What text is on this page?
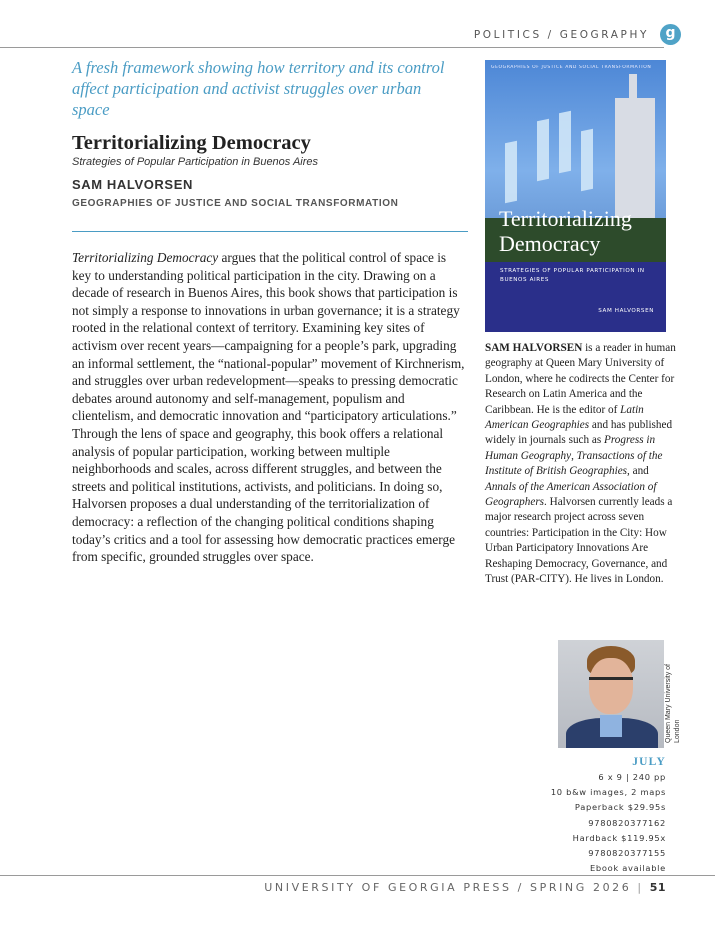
POLITICS / GEOGRAPHY	g
A fresh framework showing how territory and its control affect participation and activist struggles over urban space
Territorializing Democracy
Strategies of Popular Participation in Buenos Aires
SAM HALVORSEN
GEOGRAPHIES OF JUSTICE AND SOCIAL TRANSFORMATION
Territorializing Democracy argues that the political control of space is key to understanding political participation in the city. Drawing on a decade of research in Buenos Aires, this book shows that participation is not simply a response to innovations in urban governance; it is a strategy rooted in the relational context of territory. Examining key sites of activism over recent years—campaigning for a people’s park, upgrading an informal settlement, the “national-popular” movement of Kirchnerism, and struggles over urban redevelopment—speaks to pressing democratic debates around autonomy and self-management, populism and clientelism, and democratic innovation and “participatory articulations.” Through the lens of space and geography, this book offers a relational analysis of popular participation, working between multiple neighborhoods and scales, across different struggles, and between the streets and political institutions, activists, and politicians. In doing so, Halvorsen proposes a dual understanding of the territorialization of democracy: a reflection of the changing political conditions shaping today’s critics and a tool for assessing how democratic practices emerge from specific, grounded struggles over space.
GEOGRAPHIES OF JUSTICE AND SOCIAL TRANSFORMATION
Territorializing Democracy
STRATEGIES OF POPULAR PARTICIPATION IN BUENOS AIRES
SAM HALVORSEN
SAM HALVORSEN is a reader in human geography at Queen Mary University of London, where he codirects the Center for Research on Latin America and the Caribbean. He is the editor of Latin American Geographies and has published widely in journals such as Progress in Human Geography, Transactions of the Institute of British Geographies, and Annals of the American Association of Geographers. Halvorsen currently leads a major research project across seven countries: Participation in the City: How Urban Participatory Innovations Are Reshaping Democracy, Governance, and Trust (PAR-CITY). He lives in London.
Queen Mary University of London
JULY
6 x 9 | 240 pp
10 b&w images, 2 maps
Paperback $29.95s
9780820377162
Hardback $119.95x
9780820377155
Ebook available
UNIVERSITY OF GEORGIA PRESS / SPRING 2026 | 51
